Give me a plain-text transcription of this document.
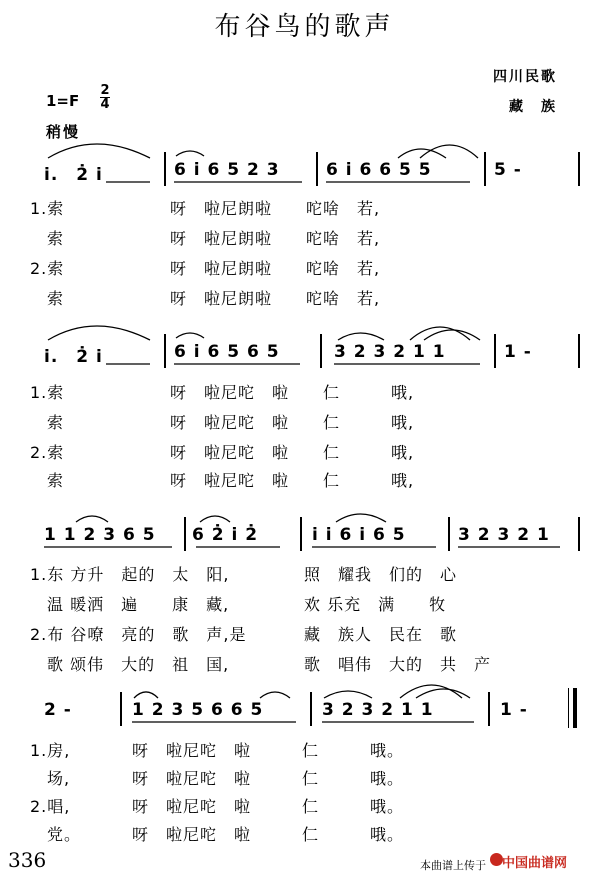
布谷鸟的歌声
四川民歌
藏　族
1=F
2
4
稍慢
i.　2̇ i	6 i 6 5 2 3	6 i 6 6 5 5	5 -
1.索	呀　啦尼朗啦　　咜啥　若,
　索	呀　啦尼朗啦　　咜啥　若,
2.索	呀　啦尼朗啦　　咜啥　若,
　索	呀　啦尼朗啦　　咜啥　若,
i.　2̇ i	6 i 6 5 6 5	3 2 3 2 1 1	1 -
1.索	呀　啦尼咜　啦　　仁　　　哦,
　索	呀　啦尼咜　啦　　仁　　　哦,
2.索	呀　啦尼咜　啦　　仁　　　哦,
　索	呀　啦尼咜　啦　　仁　　　哦,
1 1 2 3 6 5 6 2̇ i 2̇	i i 6 i 6 5	3 2 3 2 1
1.东 方升　起的　太　阳,	照　耀我　们的　心
　温 暖洒　遍　　康　藏,	欢 乐充　满　　牧
2.布 谷嘹　亮的　歌　声,是	藏　族人　民在　歌
　歌 颂伟　大的　祖　国,	歌　唱伟　大的　共　产
2 -	1 2 3 5 6 6 5	3 2 3 2 1 1	1 -
1.房,	呀　啦尼咜　啦　　　仁　　　哦。
　场,	呀　啦尼咜　啦　　　仁　　　哦。
2.唱,	呀　啦尼咜　啦　　　仁　　　哦。
　党。	呀　啦尼咜　啦　　　仁　　　哦。
336	本曲谱上传于 中国曲谱网
